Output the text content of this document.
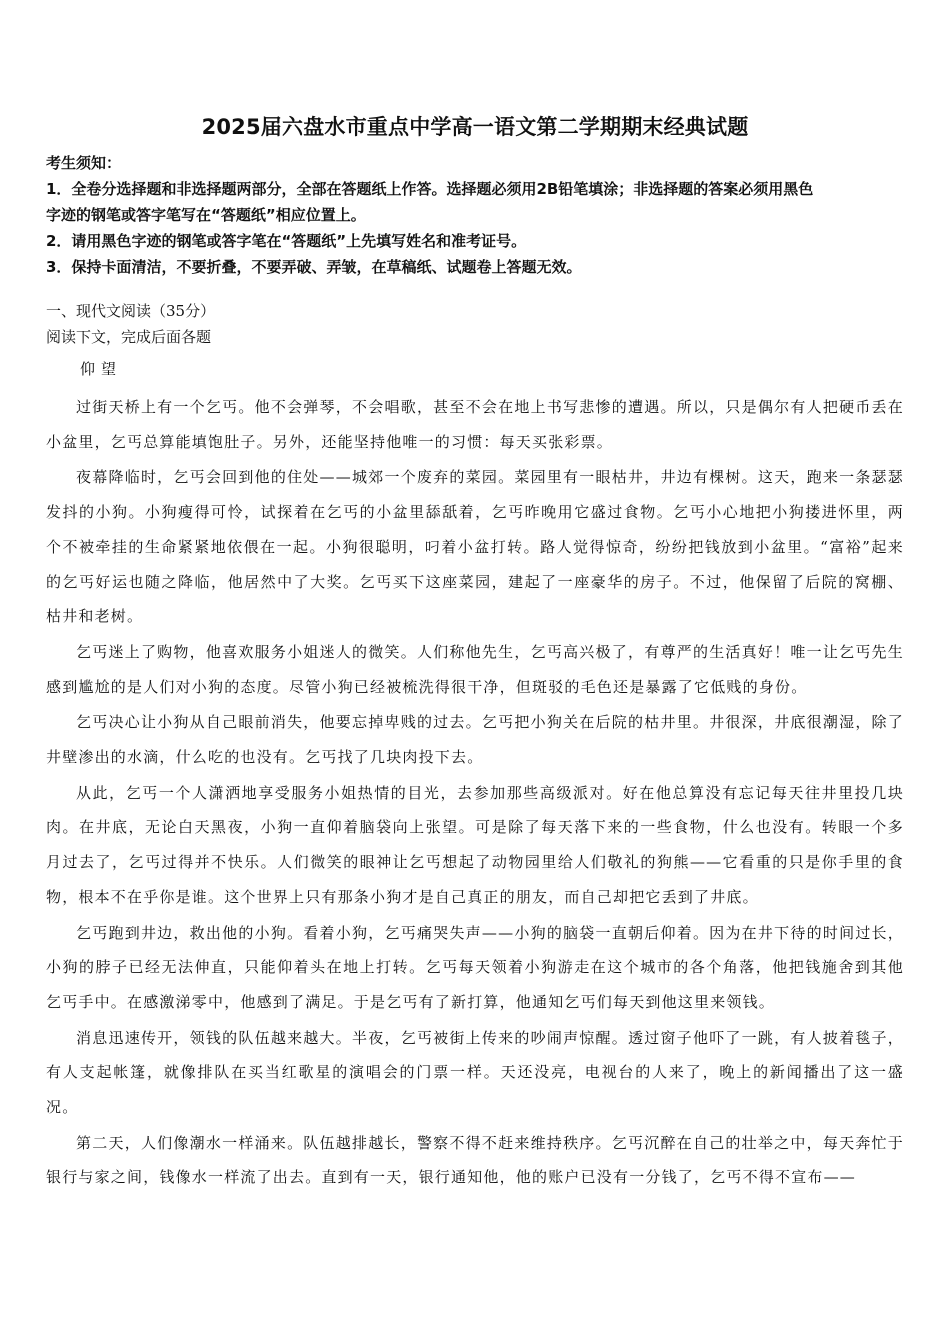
2025届六盘水市重点中学高一语文第二学期期末经典试题
考生须知：
1．全卷分选择题和非选择题两部分，全部在答题纸上作答。选择题必须用2B铅笔填涂；非选择题的答案必须用黑色
字迹的钢笔或答字笔写在“答题纸”相应位置上。
2．请用黑色字迹的钢笔或答字笔在“答题纸”上先填写姓名和准考证号。
3．保持卡面清洁，不要折叠，不要弄破、弄皱，在草稿纸、试题卷上答题无效。
一、现代文阅读（35分）
阅读下文，完成后面各题
仰望

过街天桥上有一个乞丐。他不会弹琴，不会唱歌，甚至不会在地上书写悲惨的遭遇。所以，只是偶尔有人把硬币丢在小盆里，乞丐总算能填饱肚子。另外，还能坚持他唯一的习惯：每天买张彩票。

夜幕降临时，乞丐会回到他的住处——城郊一个废弃的菜园。菜园里有一眼枯井，井边有棵树。这天，跑来一条瑟瑟发抖的小狗。小狗瘦得可怜，试探着在乞丐的小盆里舔舐着，乞丐昨晚用它盛过食物。乞丐小心地把小狗搂进怀里，两个不被牵挂的生命紧紧地依偎在一起。小狗很聪明，叼着小盆打转。路人觉得惊奇，纷纷把钱放到小盆里。“富裕”起来的乞丐好运也随之降临，他居然中了大奖。乞丐买下这座菜园，建起了一座豪华的房子。不过，他保留了后院的窝棚、枯井和老树。

乞丐迷上了购物，他喜欢服务小姐迷人的微笑。人们称他先生，乞丐高兴极了，有尊严的生活真好！唯一让乞丐先生感到尴尬的是人们对小狗的态度。尽管小狗已经被梳洗得很干净，但斑驳的毛色还是暴露了它低贱的身份。

乞丐决心让小狗从自己眼前消失，他要忘掉卑贱的过去。乞丐把小狗关在后院的枯井里。井很深，井底很潮湿，除了井壁渗出的水滴，什么吃的也没有。乞丐找了几块肉投下去。

从此，乞丐一个人潇洒地享受服务小姐热情的目光，去参加那些高级派对。好在他总算没有忘记每天往井里投几块肉。在井底，无论白天黑夜，小狗一直仰着脑袋向上张望。可是除了每天落下来的一些食物，什么也没有。转眼一个多月过去了，乞丐过得并不快乐。人们微笑的眼神让乞丐想起了动物园里给人们敬礼的狗熊——它看重的只是你手里的食物，根本不在乎你是谁。这个世界上只有那条小狗才是自己真正的朋友，而自己却把它丢到了井底。

乞丐跑到井边，救出他的小狗。看着小狗，乞丐痛哭失声——小狗的脑袋一直朝后仰着。因为在井下待的时间过长，小狗的脖子已经无法伸直，只能仰着头在地上打转。乞丐每天领着小狗游走在这个城市的各个角落，他把钱施舍到其他乞丐手中。在感激涕零中，他感到了满足。于是乞丐有了新打算，他通知乞丐们每天到他这里来领钱。

消息迅速传开，领钱的队伍越来越大。半夜，乞丐被街上传来的吵闹声惊醒。透过窗子他吓了一跳，有人披着毯子，有人支起帐篷，就像排队在买当红歌星的演唱会的门票一样。天还没亮，电视台的人来了，晚上的新闻播出了这一盛况。

第二天，人们像潮水一样涌来。队伍越排越长，警察不得不赶来维持秩序。乞丐沉醉在自己的壮举之中，每天奔忙于银行与家之间，钱像水一样流了出去。直到有一天，银行通知他，他的账户已没有一分钱了，乞丐不得不宣布——
